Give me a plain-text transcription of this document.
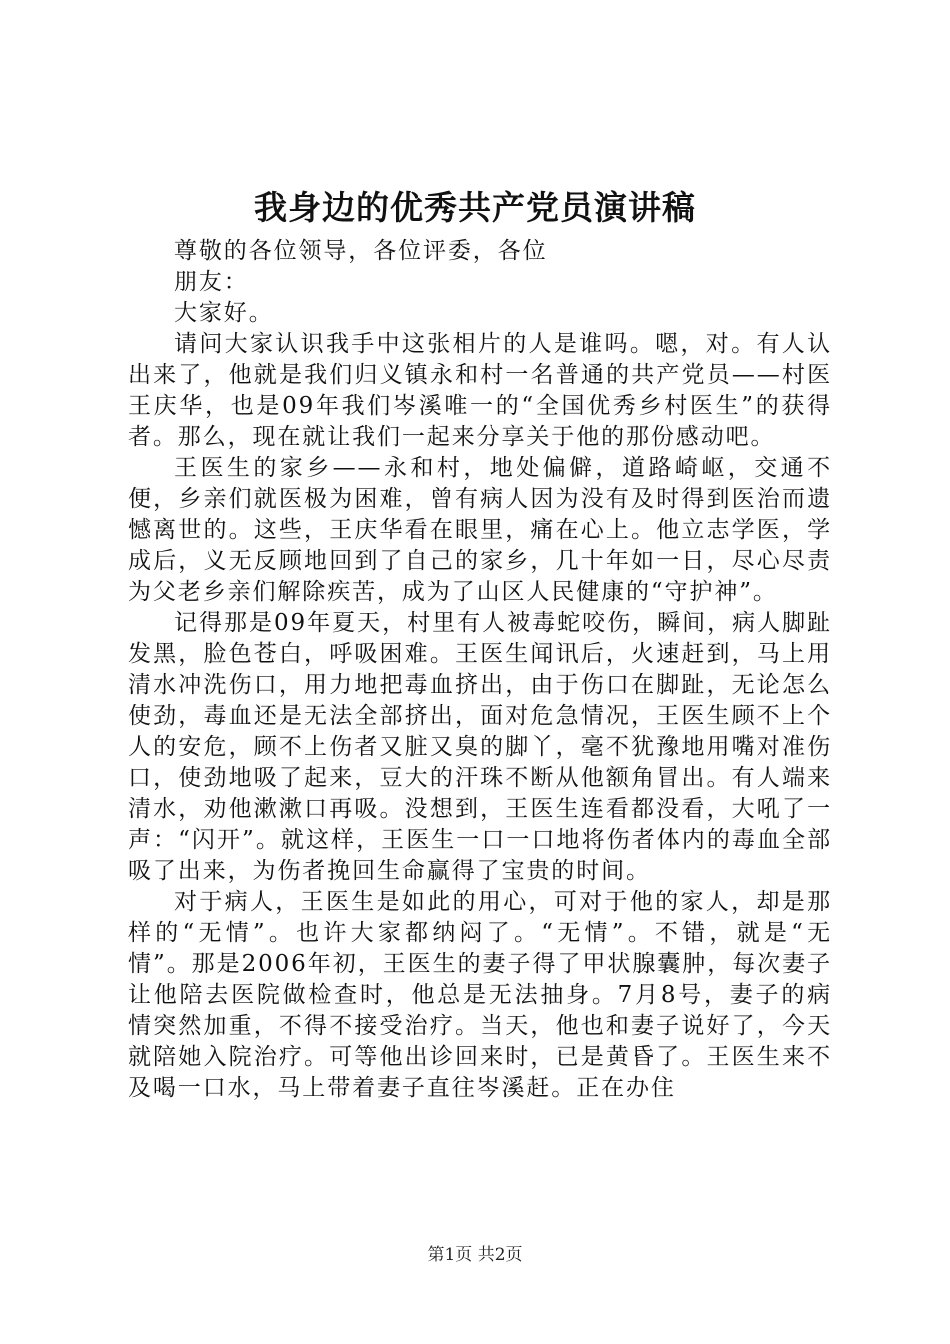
我身边的优秀共产党员演讲稿

尊敬的各位领导，各位评委，各位

朋友：

大家好。

请问大家认识我手中这张相片的人是谁吗。嗯，对。有人认出来了，他就是我们归义镇永和村一名普通的共产党员——村医王庆华，也是09年我们岑溪唯一的“全国优秀乡村医生”的获得者。那么，现在就让我们一起来分享关于他的那份感动吧。

王医生的家乡——永和村，地处偏僻，道路崎岖，交通不便，乡亲们就医极为困难，曾有病人因为没有及时得到医治而遗憾离世的。这些，王庆华看在眼里，痛在心上。他立志学医，学成后，义无反顾地回到了自己的家乡，几十年如一日，尽心尽责为父老乡亲们解除疾苦，成为了山区人民健康的“守护神”。

记得那是09年夏天，村里有人被毒蛇咬伤，瞬间，病人脚趾发黑，脸色苍白，呼吸困难。王医生闻讯后，火速赶到，马上用清水冲洗伤口，用力地把毒血挤出，由于伤口在脚趾，无论怎么使劲，毒血还是无法全部挤出，面对危急情况，王医生顾不上个人的安危，顾不上伤者又脏又臭的脚丫，毫不犹豫地用嘴对准伤口，使劲地吸了起来，豆大的汗珠不断从他额角冒出。有人端来清水，劝他漱漱口再吸。没想到，王医生连看都没看，大吼了一声：“闪开”。就这样，王医生一口一口地将伤者体内的毒血全部吸了出来，为伤者挽回生命赢得了宝贵的时间。

对于病人，王医生是如此的用心，可对于他的家人，却是那样的“无情”。也许大家都纳闷了。“无情”。不错，就是“无情”。那是2006年初，王医生的妻子得了甲状腺囊肿，每次妻子让他陪去医院做检查时，他总是无法抽身。7月8号，妻子的病情突然加重，不得不接受治疗。当天，他也和妻子说好了，今天就陪她入院治疗。可等他出诊回来时，已是黄昏了。王医生来不及喝一口水，马上带着妻子直往岑溪赶。正在办住

第1页 共2页
